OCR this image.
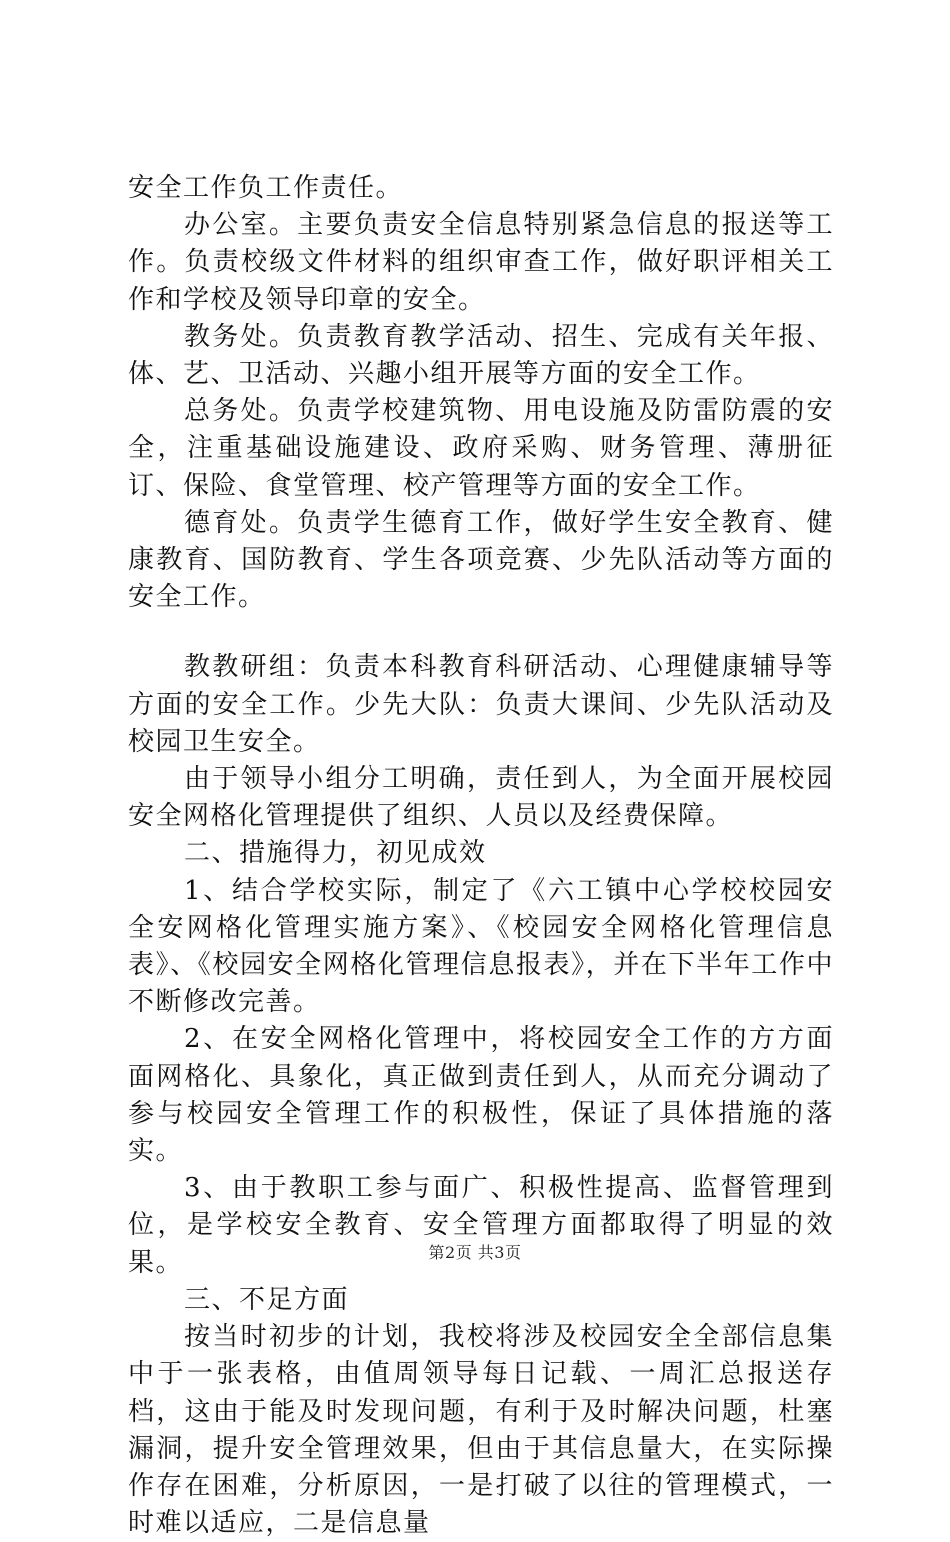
安全工作负工作责任。

办公室。主要负责安全信息特别紧急信息的报送等工作。负责校级文件材料的组织审查工作，做好职评相关工作和学校及领导印章的安全。

教务处。负责教育教学活动、招生、完成有关年报、体、艺、卫活动、兴趣小组开展等方面的安全工作。

总务处。负责学校建筑物、用电设施及防雷防震的安全，注重基础设施建设、政府采购、财务管理、薄册征订、保险、食堂管理、校产管理等方面的安全工作。

德育处。负责学生德育工作，做好学生安全教育、健康教育、国防教育、学生各项竞赛、少先队活动等方面的安全工作。

教教研组：负责本科教育科研活动、心理健康辅导等方面的安全工作。少先大队：负责大课间、少先队活动及校园卫生安全。

由于领导小组分工明确，责任到人，为全面开展校园安全网格化管理提供了组织、人员以及经费保障。

二、措施得力，初见成效

1、结合学校实际，制定了《六工镇中心学校校园安全安网格化管理实施方案》、《校园安全网格化管理信息表》、《校园安全网格化管理信息报表》，并在下半年工作中不断修改完善。

2、在安全网格化管理中，将校园安全工作的方方面面网格化、具象化，真正做到责任到人，从而充分调动了参与校园安全管理工作的积极性，保证了具体措施的落实。

3、由于教职工参与面广、积极性提高、监督管理到位，是学校安全教育、安全管理方面都取得了明显的效果。

三、不足方面

按当时初步的计划，我校将涉及校园安全全部信息集中于一张表格，由值周领导每日记载、一周汇总报送存档，这由于能及时发现问题，有利于及时解决问题，杜塞漏洞，提升安全管理效果，但由于其信息量大，在实际操作存在困难，分析原因，一是打破了以往的管理模式，一时难以适应，二是信息量

第2页 共3页
